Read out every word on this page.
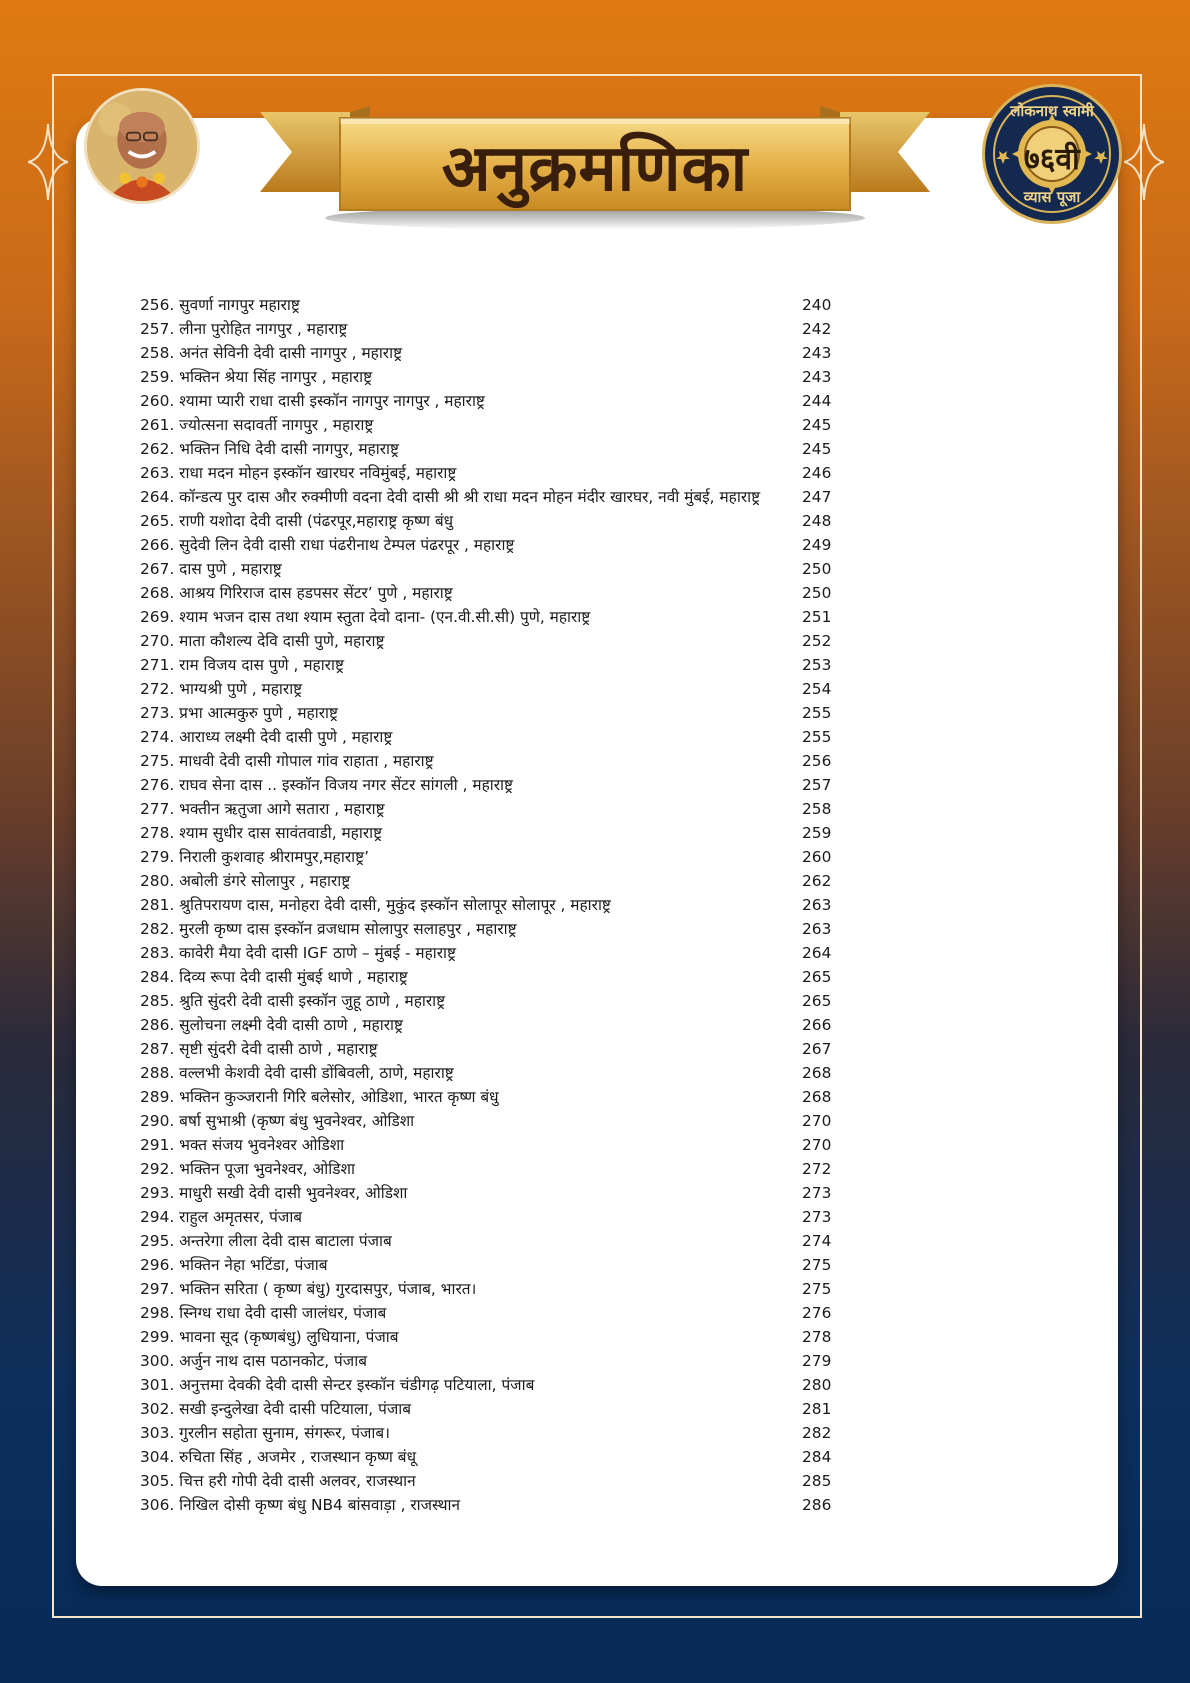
अनुक्रमणिका
लोकनाथ स्वामी
७६वी
व्यास पूजा
256. सुवर्णा नागपुर महाराष्ट्र	240
257. लीना पुरोहित नागपुर , महाराष्ट्र	242
258. अनंत सेविनी देवी दासी नागपुर , महाराष्ट्र	243
259. भक्तिन श्रेया सिंह नागपुर , महाराष्ट्र	243
260. श्यामा प्यारी राधा दासी इस्कॉन नागपुर नागपुर , महाराष्ट्र	244
261. ज्योत्सना सदावर्ती नागपुर , महाराष्ट्र	245
262. भक्तिन निधि देवी दासी नागपुर, महाराष्ट्र	245
263. राधा मदन मोहन इस्कॉन खारघर नविमुंबई, महाराष्ट्र	246
264. कॉन्डत्य पुर दास और रुक्मीणी वदना देवी दासी श्री श्री राधा मदन मोहन मंदीर खारघर, नवी मुंबई, महाराष्ट्र	247
265. राणी यशोदा देवी दासी (पंढरपूर,महाराष्ट्र कृष्ण बंधु	248
266. सुदेवी लिन देवी दासी राधा पंढरीनाथ टेम्पल पंढरपूर , महाराष्ट्र	249
267. दास पुणे , महाराष्ट्र	250
268. आश्रय गिरिराज दास हडपसर सेंटर’ पुणे , महाराष्ट्र	250
269. श्याम भजन दास तथा श्याम स्तुता देवो दाना- (एन.वी.सी.सी) पुणे, महाराष्ट्र	251
270. माता कौशल्य देवि दासी पुणे, महाराष्ट्र	252
271. राम विजय दास पुणे , महाराष्ट्र	253
272. भाग्यश्री पुणे , महाराष्ट्र	254
273. प्रभा आत्मकुरु पुणे , महाराष्ट्र	255
274. आराध्य लक्ष्मी देवी दासी पुणे , महाराष्ट्र	255
275. माधवी देवी दासी गोपाल गांव राहाता , महाराष्ट्र	256
276. राघव सेना दास .. इस्कॉन विजय नगर सेंटर सांगली , महाराष्ट्र	257
277. भक्तीन ऋतुजा आगे सतारा , महाराष्ट्र	258
278. श्याम सुधीर दास सावंतवाडी, महाराष्ट्र	259
279. निराली कुशवाह श्रीरामपुर,महाराष्ट्र’	260
280. अबोली डंगरे सोलापुर , महाराष्ट्र	262
281. श्रुतिपरायण दास, मनोहरा देवी दासी, मुकुंद इस्कॉन सोलापूर सोलापूर , महाराष्ट्र	263
282. मुरली कृष्ण दास इस्कॉन व्रजधाम सोलापुर सलाहपुर , महाराष्ट्र	263
283. कावेरी मैया देवी दासी IGF ठाणे – मुंबई - महाराष्ट्र	264
284. दिव्य रूपा देवी दासी मुंबई थाणे , महाराष्ट्र	265
285. श्रुति सुंदरी देवी दासी इस्कॉन जुहू ठाणे , महाराष्ट्र	265
286. सुलोचना लक्ष्मी देवी दासी ठाणे , महाराष्ट्र	266
287. सृष्टी सुंदरी देवी दासी ठाणे , महाराष्ट्र	267
288. वल्लभी केशवी देवी दासी डोंबिवली, ठाणे, महाराष्ट्र	268
289. भक्तिन कुञ्जरानी गिरि बलेसोर, ओडिशा, भारत कृष्ण बंधु	268
290. बर्षा सुभाश्री (कृष्ण बंधु भुवनेश्वर, ओडिशा	270
291. भक्त संजय भुवनेश्वर ओडिशा	270
292. भक्तिन पूजा भुवनेश्वर, ओडिशा	272
293. माधुरी सखी देवी दासी भुवनेश्वर, ओडिशा	273
294. राहुल अमृतसर, पंजाब	273
295. अन्तरेगा लीला देवी दास बाटाला पंजाब	274
296. भक्तिन नेहा भटिंडा, पंजाब	275
297. भक्तिन सरिता ( कृष्ण बंधु) गुरदासपुर, पंजाब, भारत।	275
298. स्निग्ध राधा देवी दासी जालंधर, पंजाब	276
299. भावना सूद (कृष्णबंधु) लुधियाना, पंजाब	278
300. अर्जुन नाथ दास पठानकोट, पंजाब	279
301. अनुत्तमा देवकी देवी दासी सेन्टर इस्कॉन चंडीगढ़ पटियाला, पंजाब	280
302. सखी इन्दुलेखा देवी दासी पटियाला, पंजाब	281
303. गुरलीन सहोता सुनाम, संगरूर, पंजाब।	282
304. रुचिता सिंह , अजमेर , राजस्थान कृष्ण बंधू	284
305. चित्त हरी गोपी देवी दासी अलवर, राजस्थान	285
306. निखिल दोसी कृष्ण बंधु NB4 बांसवाड़ा , राजस्थान	286
